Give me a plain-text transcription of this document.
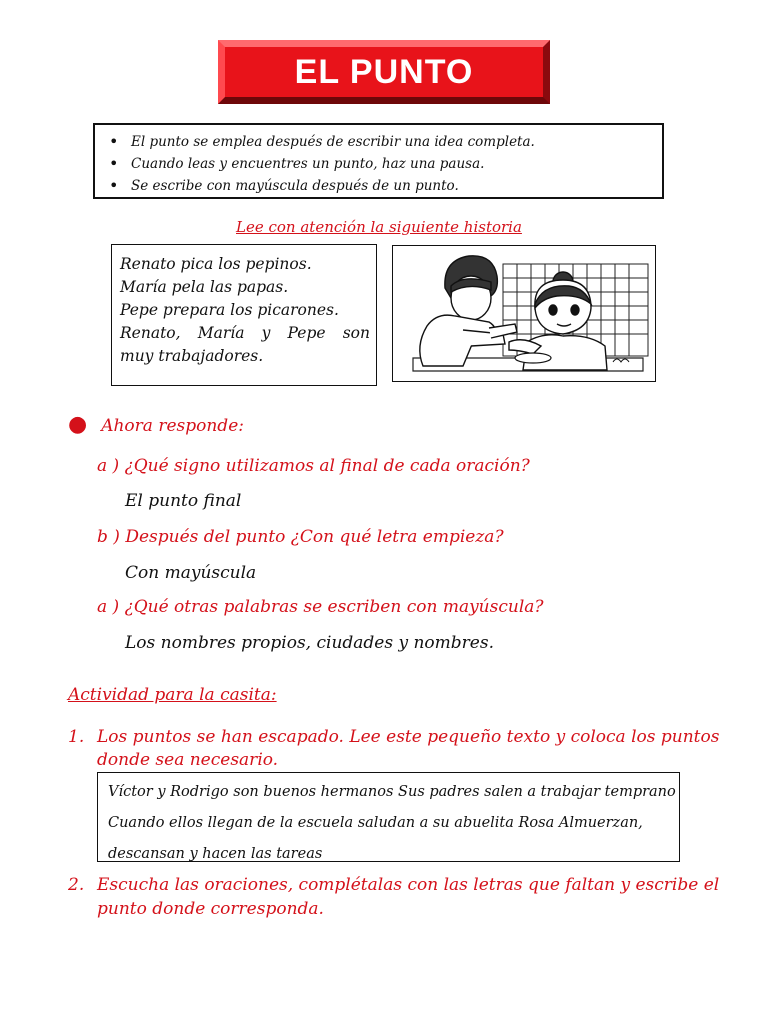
EL PUNTO
• El punto se emplea después de escribir una idea completa.
• Cuando leas y encuentres un punto, haz una pausa.
• Se escribe con mayúscula después de un punto.
Lee con atención la siguiente historia

Renato pica los pepinos.

María pela las papas.

Pepe prepara los picarones.

Renato, María y Pepe son

muy trabajadores.

● Ahora responde:
a ) ¿Qué signo utilizamos al final de cada oración?
El punto final
b ) Después del punto ¿Con qué letra empieza?
Con mayúscula
a ) ¿Qué otras palabras se escriben con mayúscula?
Los nombres propios, ciudades y nombres.
Actividad para la casita:
1. Los puntos se han escapado. Lee este pequeño texto y coloca los puntos
donde sea necesario.

Víctor y Rodrigo son buenos hermanos Sus padres salen a trabajar temprano

Cuando ellos llegan de la escuela saludan a su abuelita Rosa Almuerzan,

descansan y hacen las tareas

2. Escucha las oraciones, complétalas con las letras que faltan y escribe el
punto donde corresponda.
